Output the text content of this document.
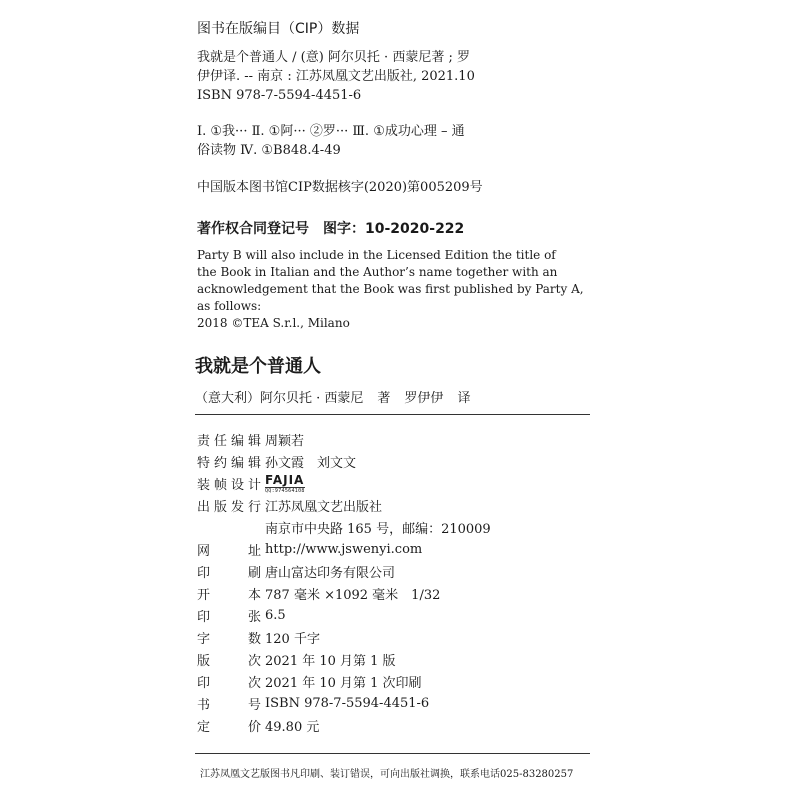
图书在版编目（CIP）数据
我就是个普通人 / (意) 阿尔贝托 · 西蒙尼著 ; 罗
伊伊译. -- 南京 : 江苏凤凰文艺出版社, 2021.10
ISBN 978-7-5594-4451-6
Ⅰ. ①我··· Ⅱ. ①阿··· ②罗··· Ⅲ. ①成功心理 – 通
俗读物 Ⅳ. ①B848.4-49
中国版本图书馆CIP数据核字(2020)第005209号
著作权合同登记号　图字：10-2020-222
Party B will also include in the Licensed Edition the title of
the Book in Italian and the Author’s name together with an
acknowledgement that the Book was first published by Party A,
as follows:
2018 ©TEA S.r.l., Milano
我就是个普通人
（意大利）阿尔贝托 · 西蒙尼 著 罗伊伊 译
责 任 编 辑 周颖若
特 约 编 辑 孙文霞　刘文文
装 帧 设 计 FAJIA
QQ:974564108
出 版 发 行 江苏凤凰文艺出版社
南京市中央路 165 号，邮编：210009
网	址 http://www.jswenyi.com
印	刷 唐山富达印务有限公司
开	本 787 毫米 ×1092 毫米　1/32
印	张 6.5
字	数 120 千字
版	次 2021 年 10 月第 1 版
印	次 2021 年 10 月第 1 次印刷
书	号 ISBN 978-7-5594-4451-6
定	价 49.80 元
江苏凤凰文艺版图书凡印刷、装订错误，可向出版社调换，联系电话025-83280257
